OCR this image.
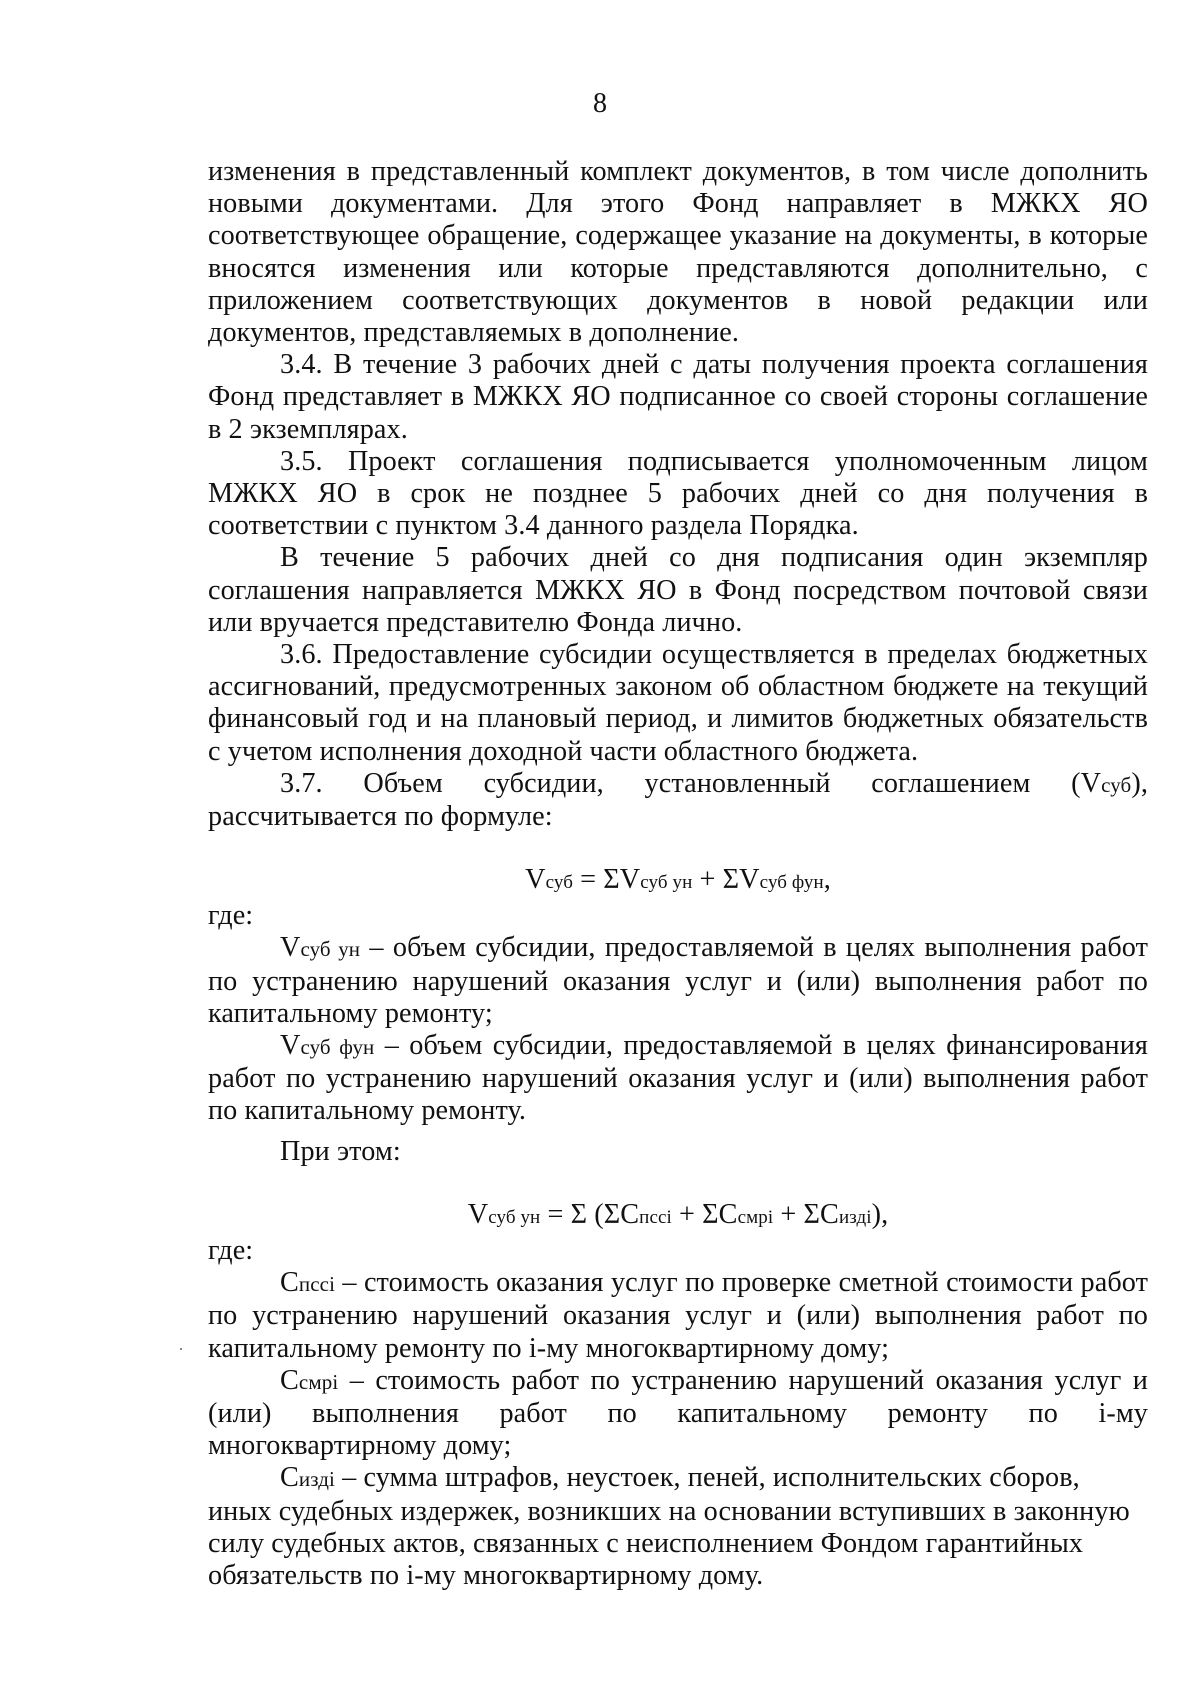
8

изменения в представленный комплект документов, в том числе дополнить новыми документами. Для этого Фонд направляет в МЖКХ ЯО соответствующее обращение, содержащее указание на документы, в которые вносятся изменения или которые представляются дополнительно, с приложением соответствующих документов в новой редакции или документов, представляемых в дополнение.

3.4. В течение 3 рабочих дней с даты получения проекта соглашения Фонд представляет в МЖКХ ЯО подписанное со своей стороны соглашение в 2 экземплярах.

3.5. Проект соглашения подписывается уполномоченным лицом МЖКХ ЯО в срок не позднее 5 рабочих дней со дня получения в соответствии с пунктом 3.4 данного раздела Порядка.

В течение 5 рабочих дней со дня подписания один экземпляр соглашения направляется МЖКХ ЯО в Фонд посредством почтовой связи или вручается представителю Фонда лично.

3.6. Предоставление субсидии осуществляется в пределах бюджетных ассигнований, предусмотренных законом об областном бюджете на текущий финансовый год и на плановый период, и лимитов бюджетных обязательств с учетом исполнения доходной части областного бюджета.

3.7. Объем субсидии, установленный соглашением (Vсуб), рассчитывается по формуле:

Vсуб = ΣVсуб ун + ΣVсуб фун,

где:

Vсуб ун – объем субсидии, предоставляемой в целях выполнения работ по устранению нарушений оказания услуг и (или) выполнения работ по капитальному ремонту;

Vсуб фун – объем субсидии, предоставляемой в целях финансирования работ по устранению нарушений оказания услуг и (или) выполнения работ по капитальному ремонту.

При этом:

Vсуб ун = Σ (ΣCпссi + ΣCсмрi + ΣCиздi),

где:

Cпссi – стоимость оказания услуг по проверке сметной стоимости работ по устранению нарушений оказания услуг и (или) выполнения работ по капитальному ремонту по i-му многоквартирному дому;

Cсмрi – стоимость работ по устранению нарушений оказания услуг и (или) выполнения работ по капитальному ремонту по i-му многоквартирному дому;

Cиздi – сумма штрафов, неустоек, пеней, исполнительских сборов, иных судебных издержек, возникших на основании вступивших в законную силу судебных актов, связанных с неисполнением Фондом гарантийных обязательств по i-му многоквартирному дому.
